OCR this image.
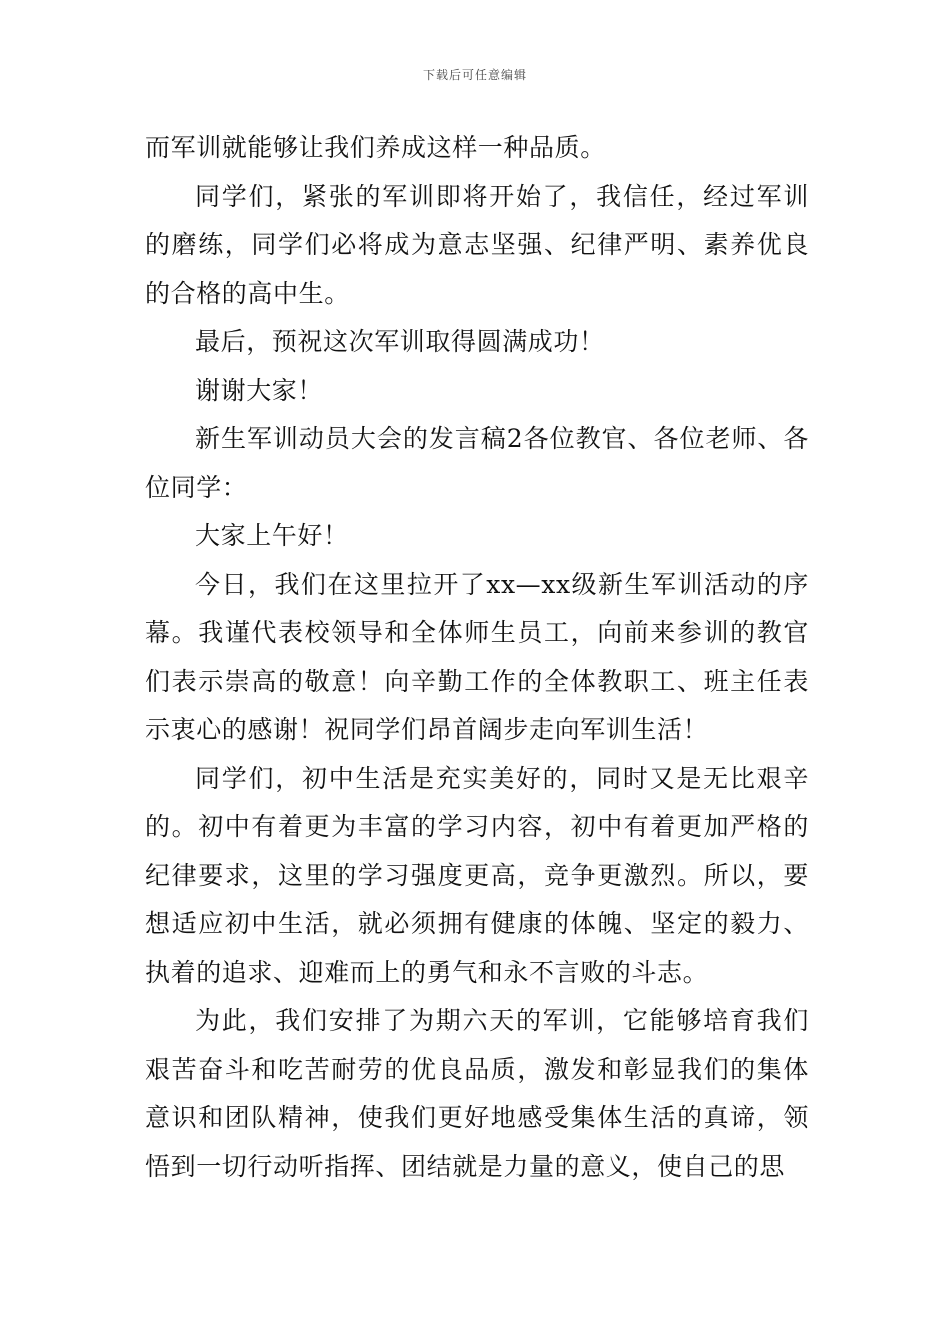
下载后可任意编辑

而军训就能够让我们养成这样一种品质。

同学们，紧张的军训即将开始了，我信任，经过军训的磨练，同学们必将成为意志坚强、纪律严明、素养优良的合格的高中生。

最后，预祝这次军训取得圆满成功！

谢谢大家！

新生军训动员大会的发言稿2各位教官、各位老师、各位同学：

大家上午好！

今日，我们在这里拉开了xx—xx级新生军训活动的序幕。我谨代表校领导和全体师生员工，向前来参训的教官们表示崇高的敬意！向辛勤工作的全体教职工、班主任表示衷心的感谢！祝同学们昂首阔步走向军训生活！

同学们，初中生活是充实美好的，同时又是无比艰辛的。初中有着更为丰富的学习内容，初中有着更加严格的纪律要求，这里的学习强度更高，竞争更激烈。所以，要想适应初中生活，就必须拥有健康的体魄、坚定的毅力、执着的追求、迎难而上的勇气和永不言败的斗志。

为此，我们安排了为期六天的军训，它能够培育我们艰苦奋斗和吃苦耐劳的优良品质，激发和彰显我们的集体意识和团队精神，使我们更好地感受集体生活的真谛，领悟到一切行动听指挥、团结就是力量的意义，使自己的思
